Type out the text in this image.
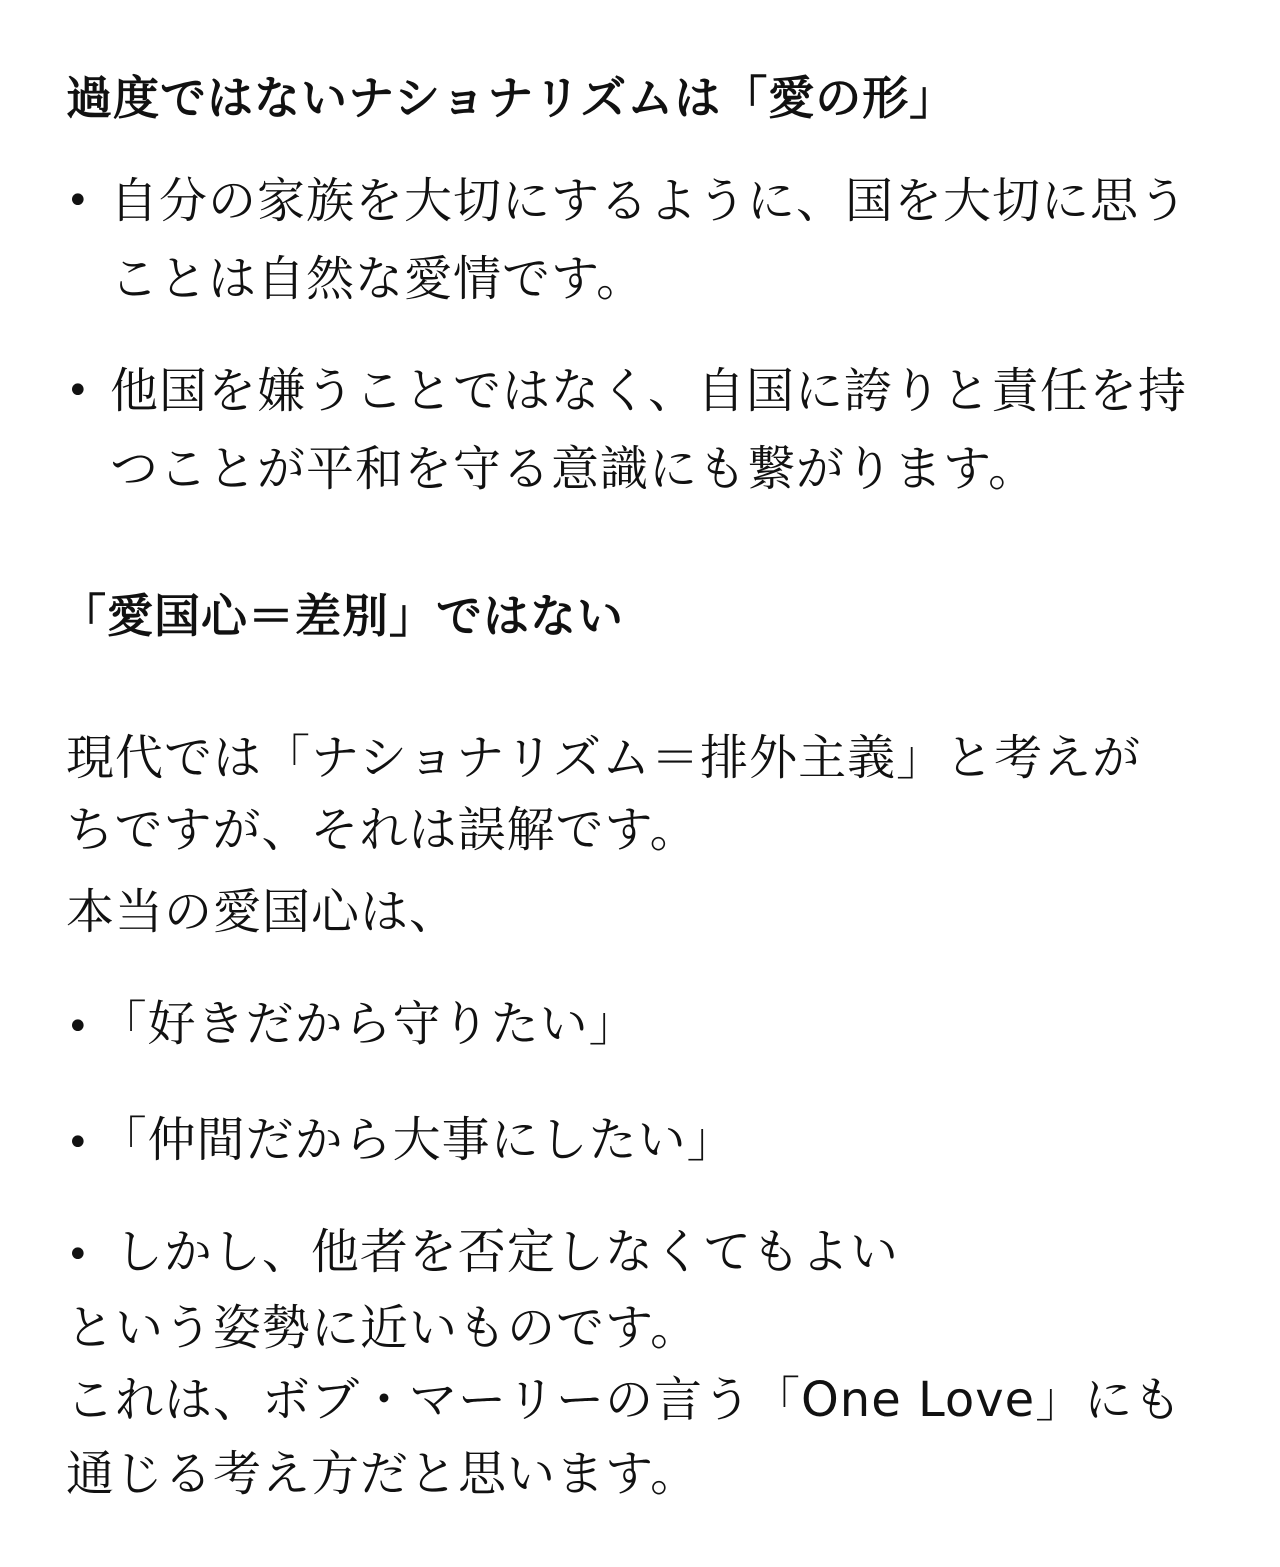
過度ではないナショナリズムは「愛の形」
• 自分の家族を大切にするように、国を大切に思うことは自然な愛情です。
• 他国を嫌うことではなく、自国に誇りと責任を持つことが平和を守る意識にも繋がります。
「愛国心＝差別」ではない
現代では「ナショナリズム＝排外主義」と考えが
ちですが、それは誤解です。
本当の愛国心は、
• 「好きだから守りたい」
• 「仲間だから大事にしたい」
• しかし、他者を否定しなくてもよい
という姿勢に近いものです。
これは、ボブ・マーリーの言う「One Love」にも
通じる考え方だと思います。
